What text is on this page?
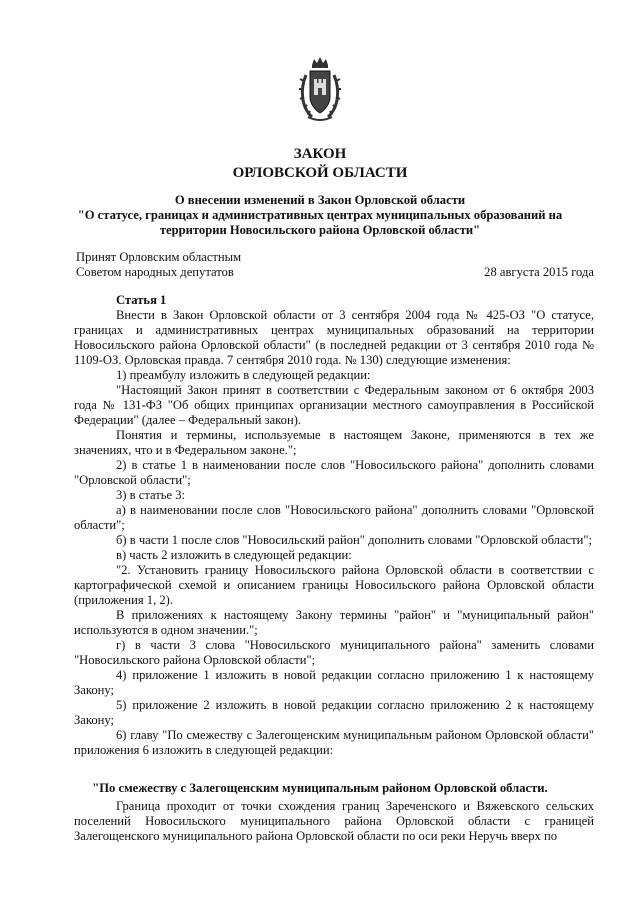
ЗАКОН
ОРЛОВСКОЙ ОБЛАСТИ
О внесении изменений в Закон Орловской области
"О статусе, границах и административных центрах муниципальных образований на
территории Новосильского района Орловской области"
Принят Орловским областным
Советом народных депутатов	28 августа 2015 года

Статья 1

Внести в Закон Орловской области от 3 сентября 2004 года № 425-ОЗ "О статусе, границах и административных центрах муниципальных образований на территории Новосильского района Орловской области" (в последней редакции от 3 сентября 2010 года № 1109-ОЗ. Орловская правда. 7 сентября 2010 года. № 130) следующие изменения:

1) преамбулу изложить в следующей редакции:

"Настоящий Закон принят в соответствии с Федеральным законом от 6 октября 2003 года № 131-ФЗ "Об общих принципах организации местного самоуправления в Российской Федерации" (далее – Федеральный закон).

Понятия и термины, используемые в настоящем Законе, применяются в тех же значениях, что и в Федеральном законе.";

2) в статье 1 в наименовании после слов "Новосильского района" дополнить словами "Орловской области";

3) в статье 3:

а) в наименовании после слов "Новосильского района" дополнить словами "Орловской области";

б) в части 1 после слов "Новосильский район" дополнить словами "Орловской области";

в) часть 2 изложить в следующей редакции:

"2. Установить границу Новосильского района Орловской области в соответствии с картографической схемой и описанием границы Новосильского района Орловской области (приложения 1, 2).

В приложениях к настоящему Закону термины "район" и "муниципальный район" используются в одном значении.";

г) в части 3 слова "Новосильского муниципального района" заменить словами "Новосильского района Орловской области";

4) приложение 1 изложить в новой редакции согласно приложению 1 к настоящему Закону;

5) приложение 2 изложить в новой редакции согласно приложению 2 к настоящему Закону;

6) главу "По смежеству с Залегощенским муниципальным районом Орловской области" приложения 6 изложить в следующей редакции:

"По смежеству с Залегощенским муниципальным районом Орловской области.

Граница проходит от точки схождения границ Зареченского и Вяжевского сельских поселений Новосильского муниципального района Орловской области с границей Залегощенского муниципального района Орловской области по оси реки Неручь вверх по
